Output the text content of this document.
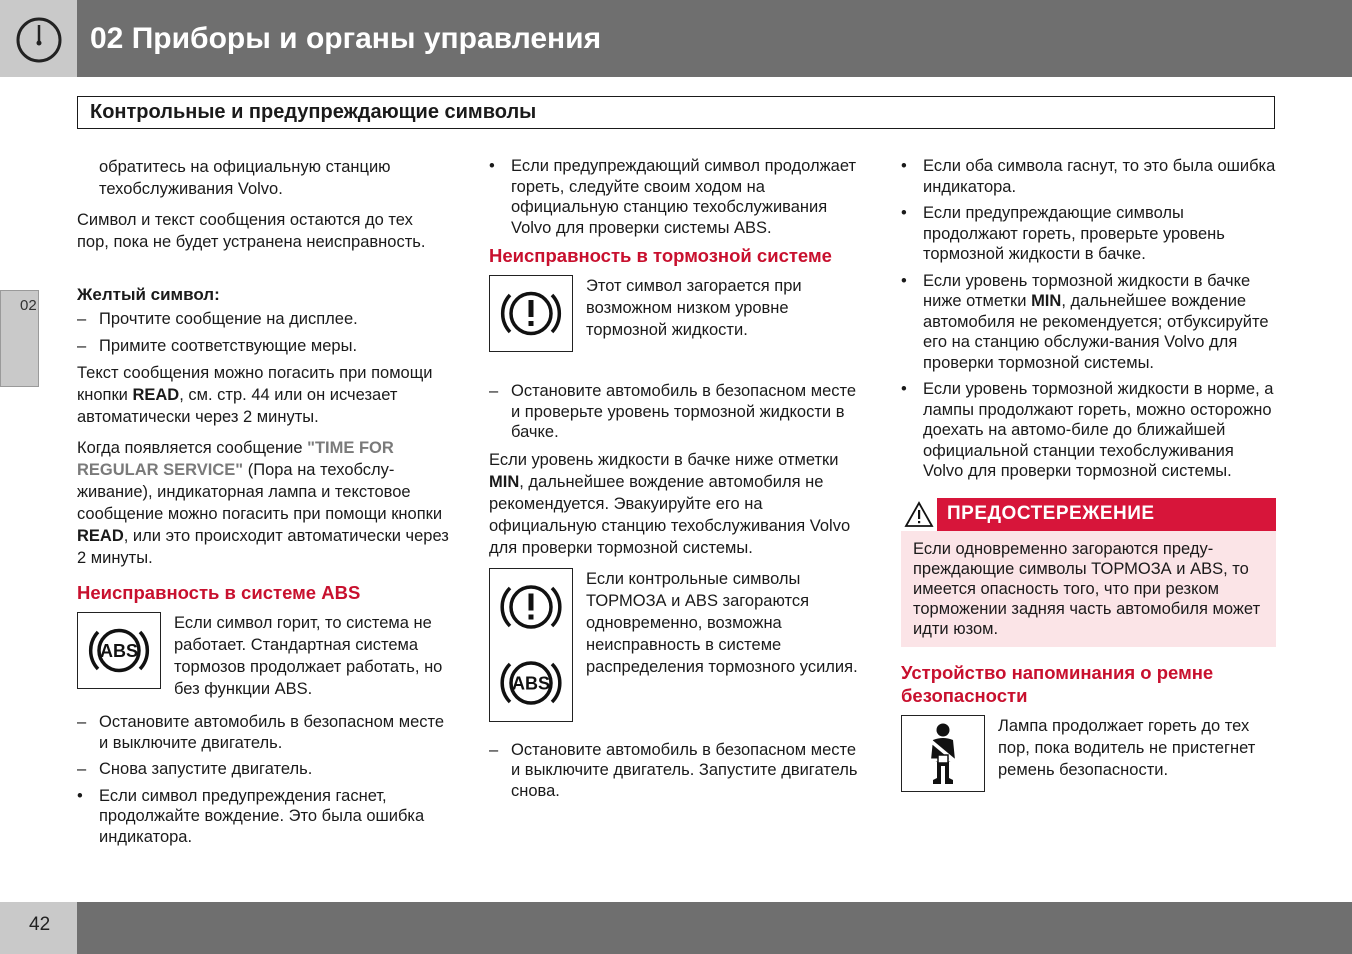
02 Приборы и органы управления
Контрольные и предупреждающие символы
02
обратитесь на официальную станцию техобслуживания Volvo.
Символ и текст сообщения остаются до тех пор, пока не будет устранена неисправность.
Желтый символ:
– Прочтите сообщение на дисплее.
– Примите соответствующие меры.
Текст сообщения можно погасить при помощи кнопки READ, см. стр. 44 или он исчезает автоматически через 2 минуты.
Когда появляется сообщение "TIME FOR REGULAR SERVICE" (Пора на техобслу-живание), индикаторная лампа и текстовое сообщение можно погасить при помощи кнопки READ, или это происходит автоматически через 2 минуты.
Неисправность в системе ABS
ABS
Если символ горит, то система не работает. Стандартная система тормозов продолжает работать, но без функции ABS.
– Остановите автомобиль в безопасном месте и выключите двигатель.
– Снова запустите двигатель.
• Если символ предупреждения гаснет, продолжайте вождение. Это была ошибка индикатора.
• Если предупреждающий символ продолжает гореть, следуйте своим ходом на официальную станцию техобслуживания Volvo для проверки системы ABS.
Неисправность в тормозной системе
Этот символ загорается при возможном низком уровне тормозной жидкости.
– Остановите автомобиль в безопасном месте и проверьте уровень тормозной жидкости в бачке.
Если уровень жидкости в бачке ниже отметки MIN, дальнейшее вождение автомобиля не рекомендуется. Эвакуируйте его на официальную станцию техобслуживания Volvo для проверки тормозной системы.
ABS
Если контрольные символы ТОРМОЗА и ABS загораются одновременно, возможна неисправность в системе распределения тормозного усилия.
– Остановите автомобиль в безопасном месте и выключите двигатель. Запустите двигатель снова.
• Если оба символа гаснут, то это была ошибка индикатора.
• Если предупреждающие символы продолжают гореть, проверьте уровень тормозной жидкости в бачке.
• Если уровень тормозной жидкости в бачке ниже отметки MIN, дальнейшее вождение автомобиля не рекомендуется; отбуксируйте его на станцию обслужи-вания Volvo для проверки тормозной системы.
• Если уровень тормозной жидкости в норме, а лампы продолжают гореть, можно осторожно доехать на автомо-биле до ближайшей официальной станции техобслуживания Volvo для проверки тормозной системы.
ПРЕДОСТЕРЕЖЕНИЕ
Если одновременно загораются преду-преждающие символы ТОРМОЗА и ABS, то имеется опасность того, что при резком торможении задняя часть автомобиля может идти юзом.
Устройство напоминания о ремне безопасности
Лампа продолжает гореть до тех пор, пока водитель не пристегнет ремень безопасности.
42
